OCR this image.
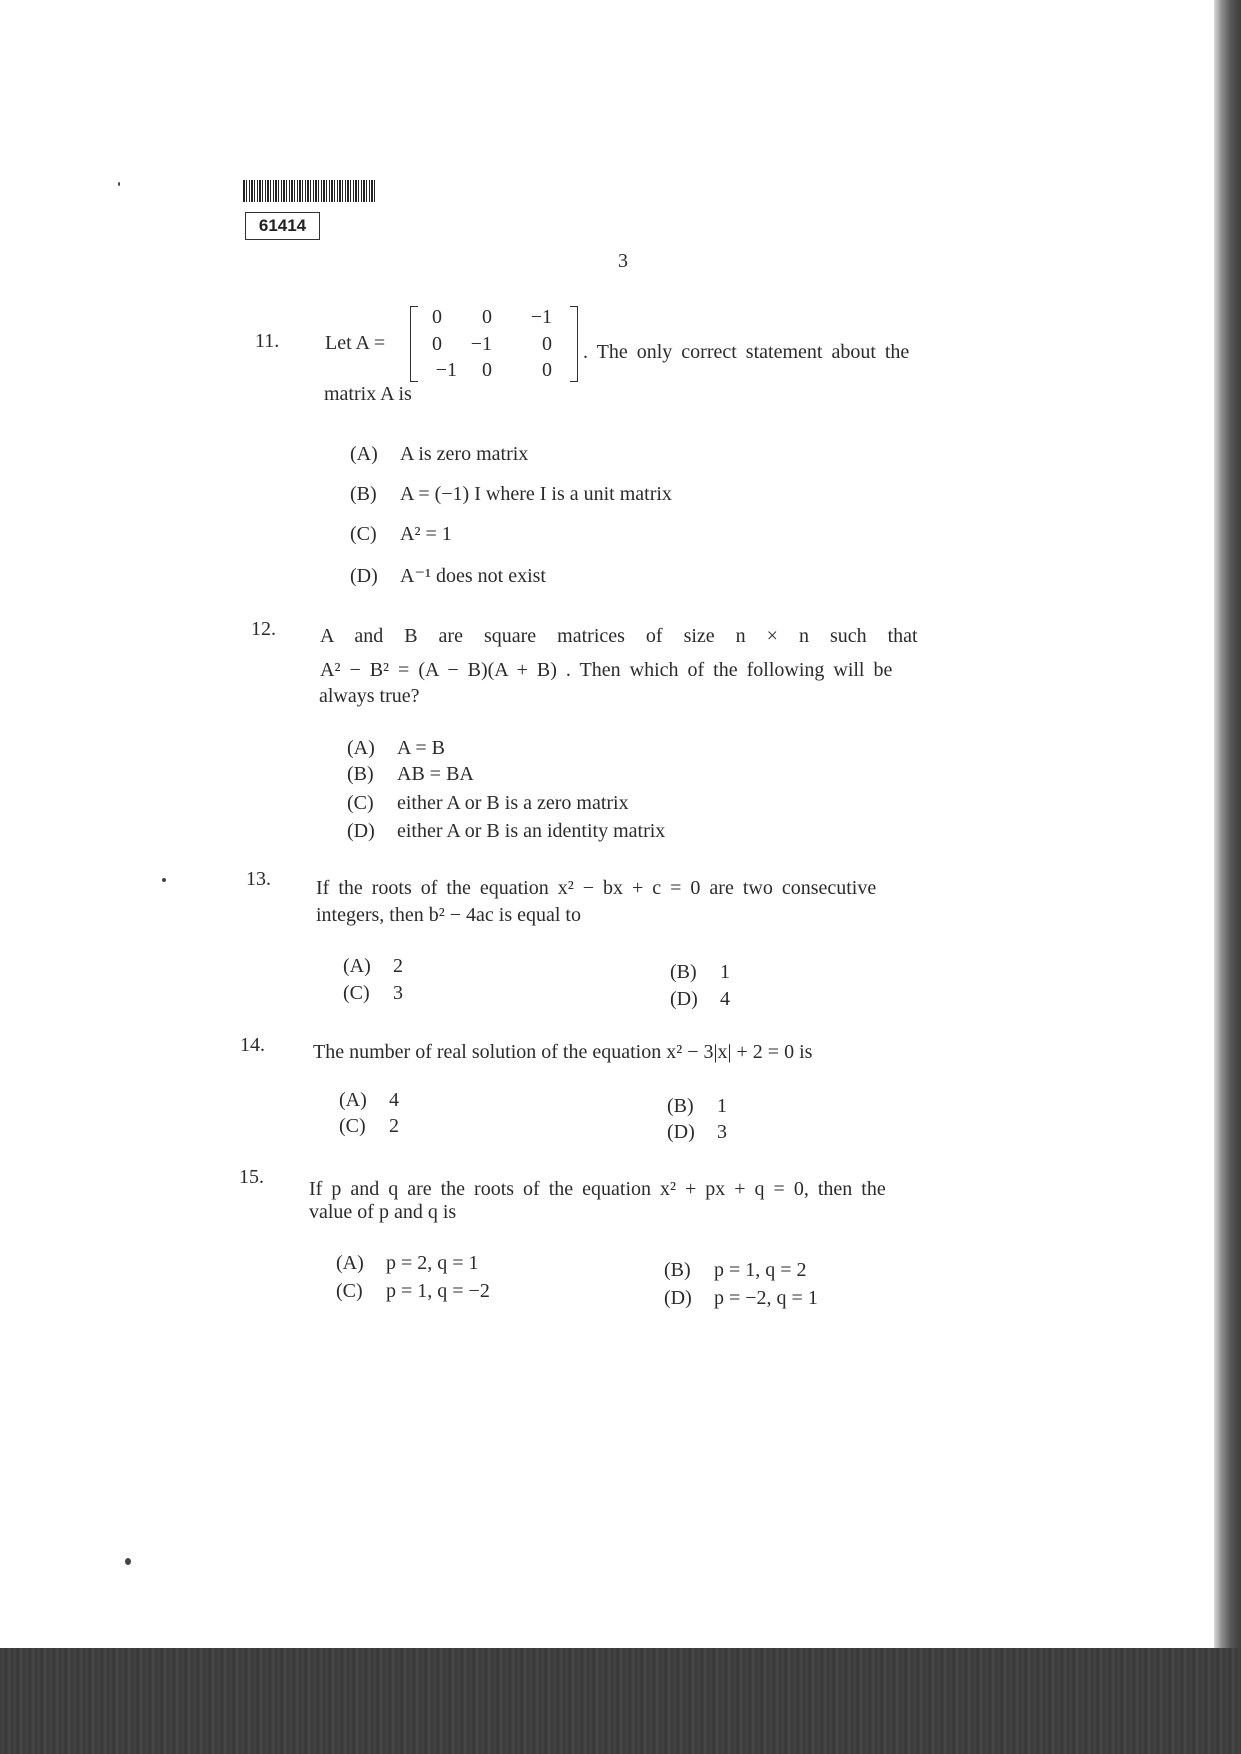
61414
3
11. Let A =
0	0	−1
0	−1	0
−1	0	0
. The only correct statement about the
matrix A is
(A) A is zero matrix
(B) A = (−1) I where I is a unit matrix
(C) A² = 1
(D) A⁻¹ does not exist
12. A and B are square matrices of size n × n such that
A² − B² = (A − B)(A + B) . Then which of the following will be
always true?
(A) A = B
(B) AB = BA
(C) either A or B is a zero matrix
(D) either A or B is an identity matrix
13. If the roots of the equation x² − bx + c = 0 are two consecutive
integers, then b² − 4ac is equal to
(A) 2	(B) 1
(C) 3	(D) 4
14. The number of real solution of the equation x² − 3|x| + 2 = 0 is
(A) 4	(B) 1
(C) 2	(D) 3
15.
If p and q are the roots of the equation x² + px + q = 0, then the
value of p and q is
(A) p = 2, q = 1	(B) p = 1, q = 2
(C) p = 1, q = −2	(D) p = −2, q = 1
